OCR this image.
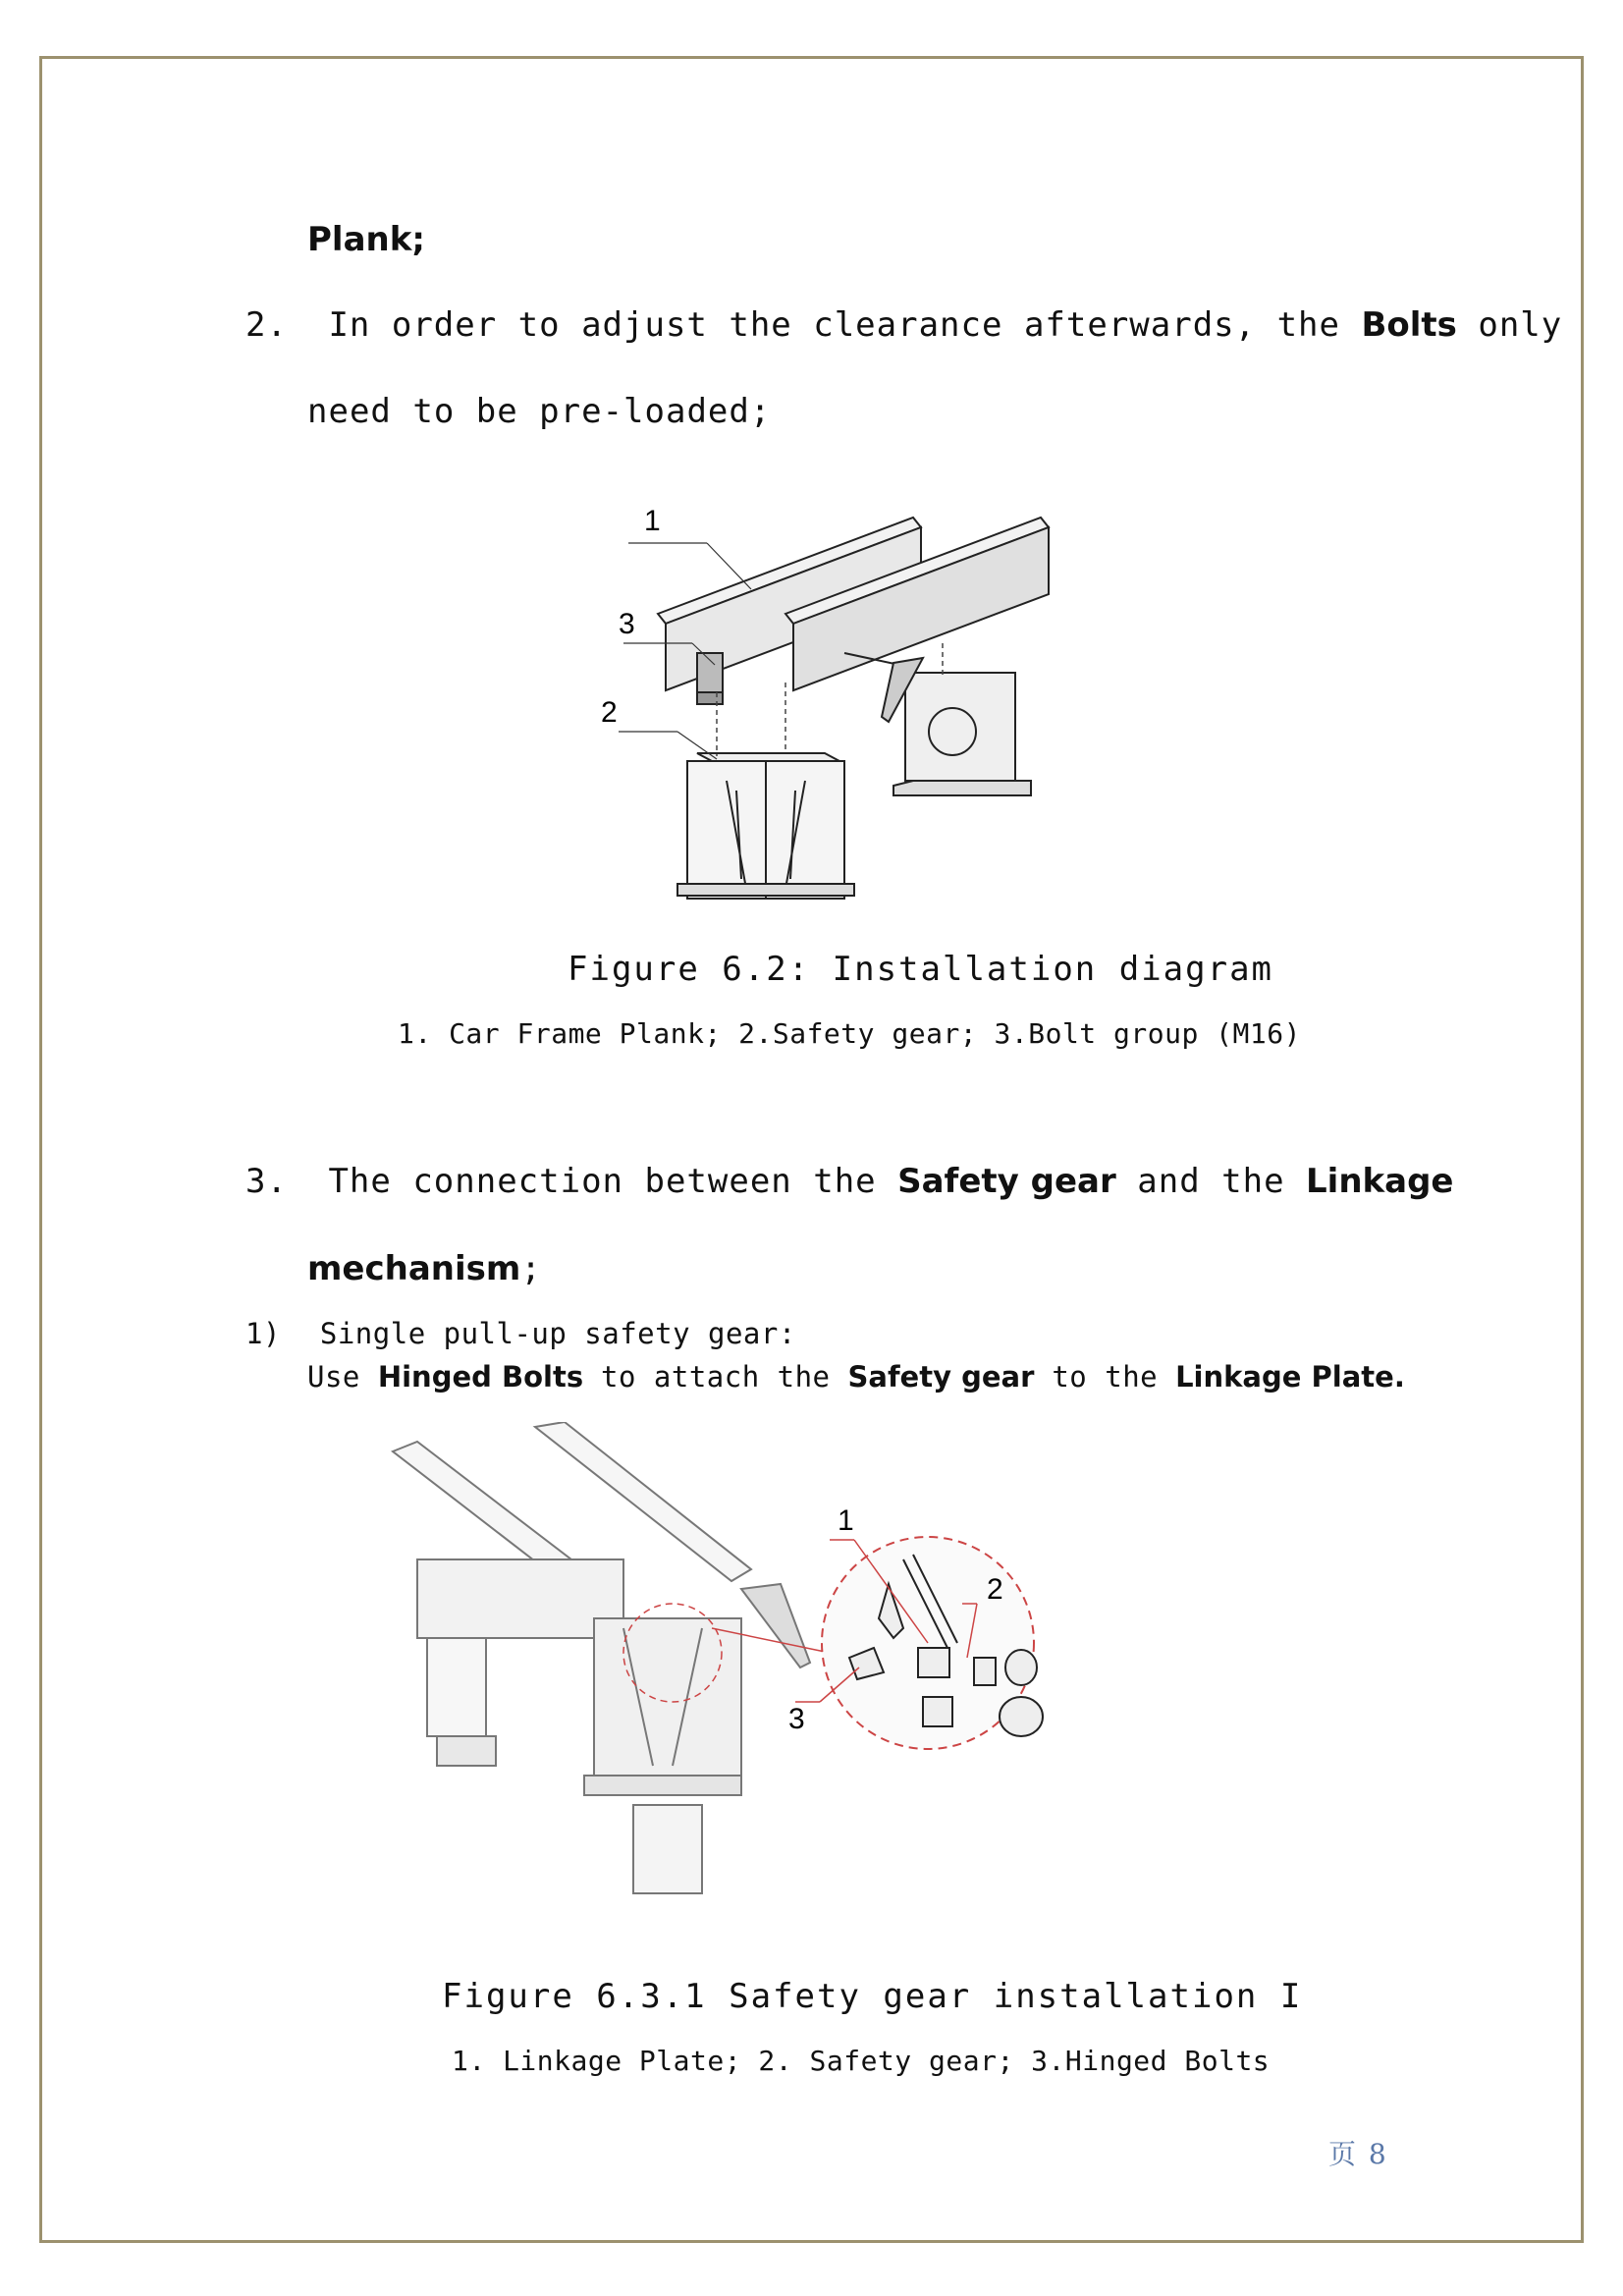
Plank;
2. In order to adjust the clearance afterwards, the Bolts only
need to be pre-loaded;
1
3
2
Figure 6.2: Installation diagram
1. Car Frame Plank; 2.Safety gear; 3.Bolt group (M16)
3. The connection between the Safety gear and the Linkage
mechanism;
1) Single pull-up safety gear:
Use Hinged Bolts to attach the Safety gear to the Linkage Plate.
1
2
3
Figure 6.3.1 Safety gear installation I
1. Linkage Plate; 2. Safety gear; 3.Hinged Bolts
页 8
